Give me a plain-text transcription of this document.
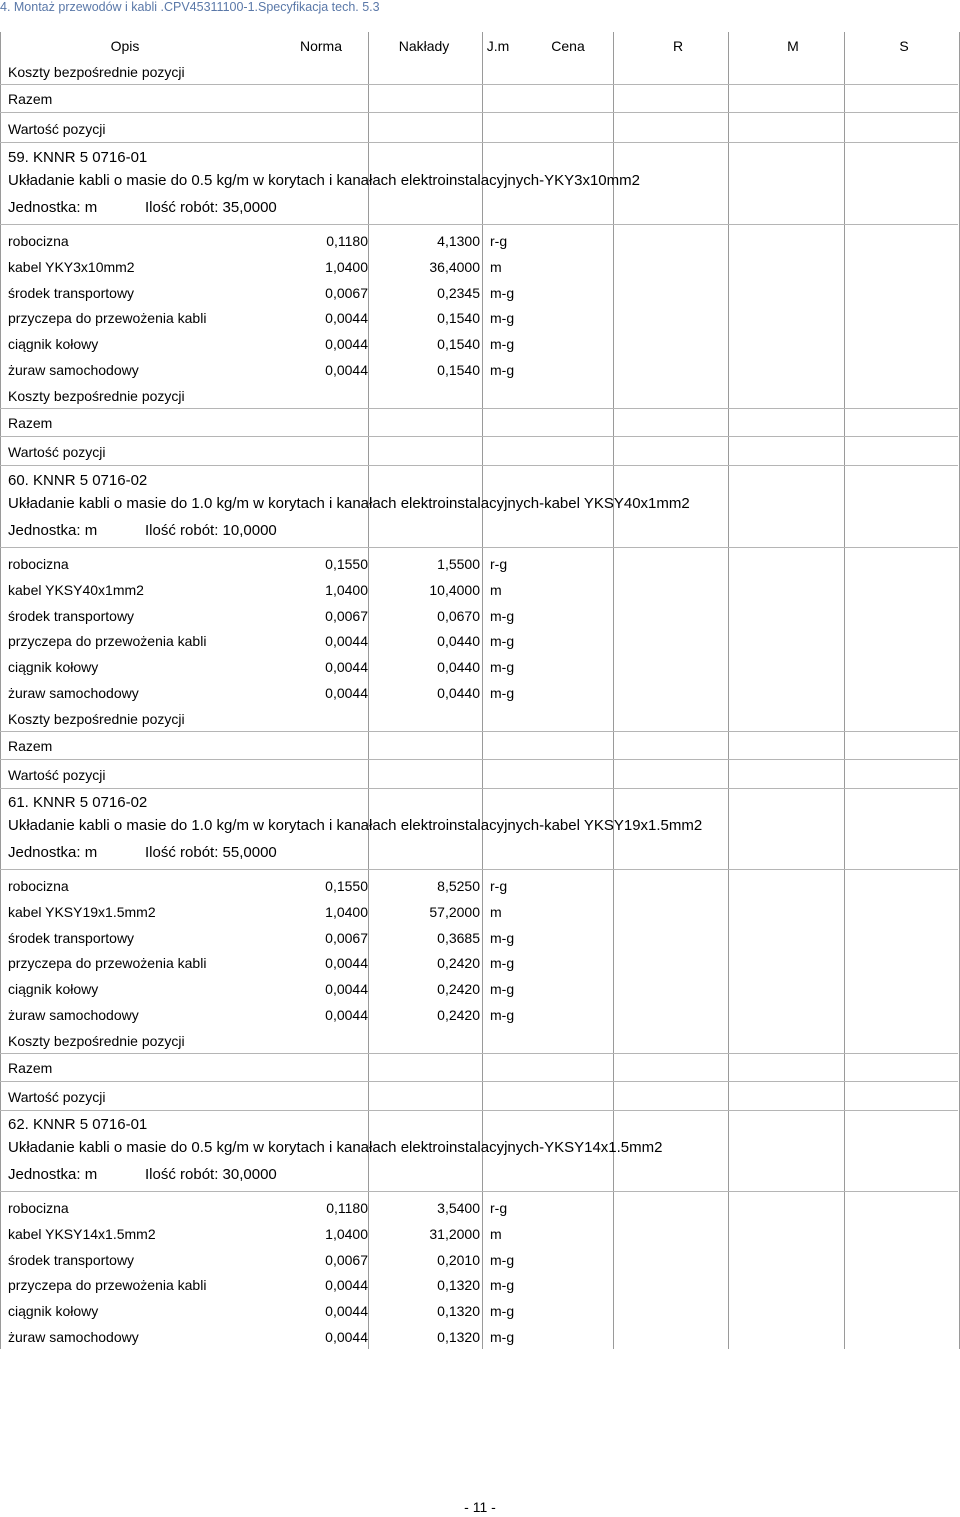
4. Montaż przewodów i kabli .CPV45311100-1.Specyfikacja tech. 5.3
Opis	Norma	Nakłady	J.m	Cena	R	M	S
Koszty bezpośrednie pozycji
Razem
Wartość pozycji
59. KNNR 5 0716-01
Układanie kabli o masie do 0.5 kg/m w korytach i kanałach elektroinstalacyjnych-YKY3x10mm2
Jednostka: m	Ilość robót: 35,0000
robocizna	0,1180	4,1300 r-g
kabel YKY3x10mm2	1,0400	36,4000 m
środek transportowy	0,0067	0,2345 m-g
przyczepa do przewożenia kabli	0,0044	0,1540 m-g
ciągnik kołowy	0,0044	0,1540 m-g
żuraw samochodowy	0,0044	0,1540 m-g
Koszty bezpośrednie pozycji
Razem
Wartość pozycji
60. KNNR 5 0716-02
Układanie kabli o masie do 1.0 kg/m w korytach i kanałach elektroinstalacyjnych-kabel YKSY40x1mm2
Jednostka: m	Ilość robót: 10,0000
robocizna	0,1550	1,5500 r-g
kabel YKSY40x1mm2	1,0400	10,4000 m
środek transportowy	0,0067	0,0670 m-g
przyczepa do przewożenia kabli	0,0044	0,0440 m-g
ciągnik kołowy	0,0044	0,0440 m-g
żuraw samochodowy	0,0044	0,0440 m-g
Koszty bezpośrednie pozycji
Razem
Wartość pozycji
61. KNNR 5 0716-02
Układanie kabli o masie do 1.0 kg/m w korytach i kanałach elektroinstalacyjnych-kabel YKSY19x1.5mm2
Jednostka: m	Ilość robót: 55,0000
robocizna	0,1550	8,5250 r-g
kabel YKSY19x1.5mm2	1,0400	57,2000 m
środek transportowy	0,0067	0,3685 m-g
przyczepa do przewożenia kabli	0,0044	0,2420 m-g
ciągnik kołowy	0,0044	0,2420 m-g
żuraw samochodowy	0,0044	0,2420 m-g
Koszty bezpośrednie pozycji
Razem
Wartość pozycji
62. KNNR 5 0716-01
Układanie kabli o masie do 0.5 kg/m w korytach i kanałach elektroinstalacyjnych-YKSY14x1.5mm2
Jednostka: m	Ilość robót: 30,0000
robocizna	0,1180	3,5400 r-g
kabel YKSY14x1.5mm2	1,0400	31,2000 m
środek transportowy	0,0067	0,2010 m-g
przyczepa do przewożenia kabli	0,0044	0,1320 m-g
ciągnik kołowy	0,0044	0,1320 m-g
żuraw samochodowy	0,0044	0,1320 m-g
- 11 -
